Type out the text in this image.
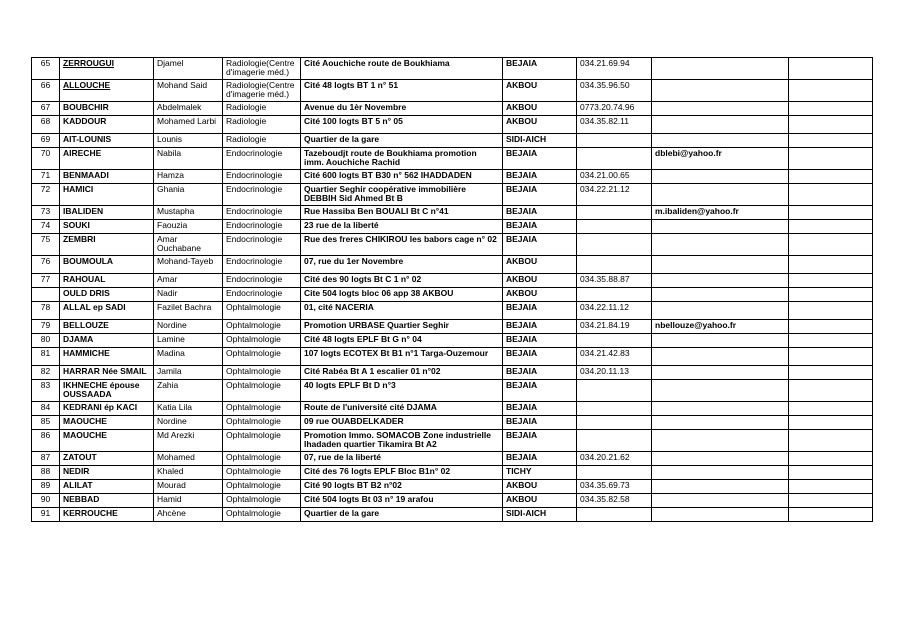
65	ZERROUGUI	Djamel	Radiologie(Centre
d'imagerie méd.)	Cité Aouchiche route de Boukhiama	BEJAIA	034.21.69.94		
66	ALLOUCHE	Mohand Said	Radiologie(Centre
d'imagerie méd.)	Cité 48 logts BT 1 n° 51	AKBOU	034.35.96.50		
67	BOUBCHIR	Abdelmalek	Radiologie	Avenue du 1èr Novembre	AKBOU	0773.20.74.96		
68	KADDOUR	Mohamed Larbi	Radiologie	Cité 100 logts BT 5 n° 05	AKBOU	034.35.82.11		
69	AIT-LOUNIS	Lounis	Radiologie	Quartier de la gare	SIDI-AICH			
70	AIRECHE	Nabila	Endocrinologie	Tazeboudjt route de Boukhiama promotion
imm. Aouchiche Rachid	BEJAIA		dblebi@yahoo.fr	
71	BENMAADI	Hamza	Endocrinologie	Cité 600 logts BT B30 n° 562 IHADDADEN	BEJAIA	034.21.00.65		
72	HAMICI	Ghania	Endocrinologie	Quartier Seghir coopérative immobilière
DEBBIH Sid Ahmed Bt B	BEJAIA	034.22.21.12		
73	IBALIDEN	Mustapha	Endocrinologie	Rue Hassiba Ben BOUALI Bt C n°41	BEJAIA		m.ibaliden@yahoo.fr	
74	SOUKI	Faouzia	Endocrinologie	23 rue de la liberté	BEJAIA			
75	ZEMBRI	Amar
Ouchabane	Endocrinologie	Rue des freres CHIKIROU les babors cage n° 02	BEJAIA			
76	BOUMOULA	Mohand-Tayeb	Endocrinologie	07, rue du 1er Novembre	AKBOU			
77	RAHOUAL	Amar	Endocrinologie	Cité des 90 logts Bt C 1 n° 02	AKBOU	034.35.88.87		
	OULD DRIS	Nadir	Endocrinologie	Cite 504 logts bloc 06 app 38 AKBOU	AKBOU			
78	ALLAL ep SADI	Fazilet Bachra	Ophtalmologie	01, cité NACERIA	BEJAIA	034.22.11.12		
79	BELLOUZE	Nordine	Ophtalmologie	Promotion URBASE Quartier Seghir	BEJAIA	034.21.84.19	nbellouze@yahoo.fr	
80	DJAMA	Lamine	Ophtalmologie	Cité 48 logts EPLF Bt G n° 04	BEJAIA			
81	HAMMICHE	Madina	Ophtalmologie	107 logts ECOTEX Bt B1 n°1 Targa-Ouzemour	BEJAIA	034.21.42.83		
82	HARRAR Née SMAIL	Jamila	Ophtalmologie	Cité Rabéa Bt A 1 escalier 01 n°02	BEJAIA	034.20.11.13		
83	IKHNECHE épouse
OUSSAADA	Zahia	Ophtalmologie	40 logts EPLF Bt D n°3	BEJAIA			
84	KEDRANI ép KACI	Katia Lila	Ophtalmologie	Route de l'université cité DJAMA	BEJAIA			
85	MAOUCHE	Nordine	Ophtalmologie	09 rue OUABDELKADER	BEJAIA			
86	MAOUCHE	Md Arezki	Ophtalmologie	Promotion Immo. SOMACOB Zone industrielle
Ihadaden quartier Tikamira Bt A2	BEJAIA			
87	ZATOUT	Mohamed	Ophtalmologie	07, rue de la liberté	BEJAIA	034.20.21.62		
88	NEDIR	Khaled	Ophtalmologie	Cité des 76 logts EPLF Bloc B1n° 02	TICHY			
89	ALILAT	Mourad	Ophtalmologie	Cité 90 logts BT B2 n°02	AKBOU	034.35.69.73		
90	NEBBAD	Hamid	Ophtalmologie	Cité 504 logts Bt 03 n° 19 arafou	AKBOU	034.35.82.58		
91	KERROUCHE	Ahcène	Ophtalmologie	Quartier de la gare	SIDI-AICH			
